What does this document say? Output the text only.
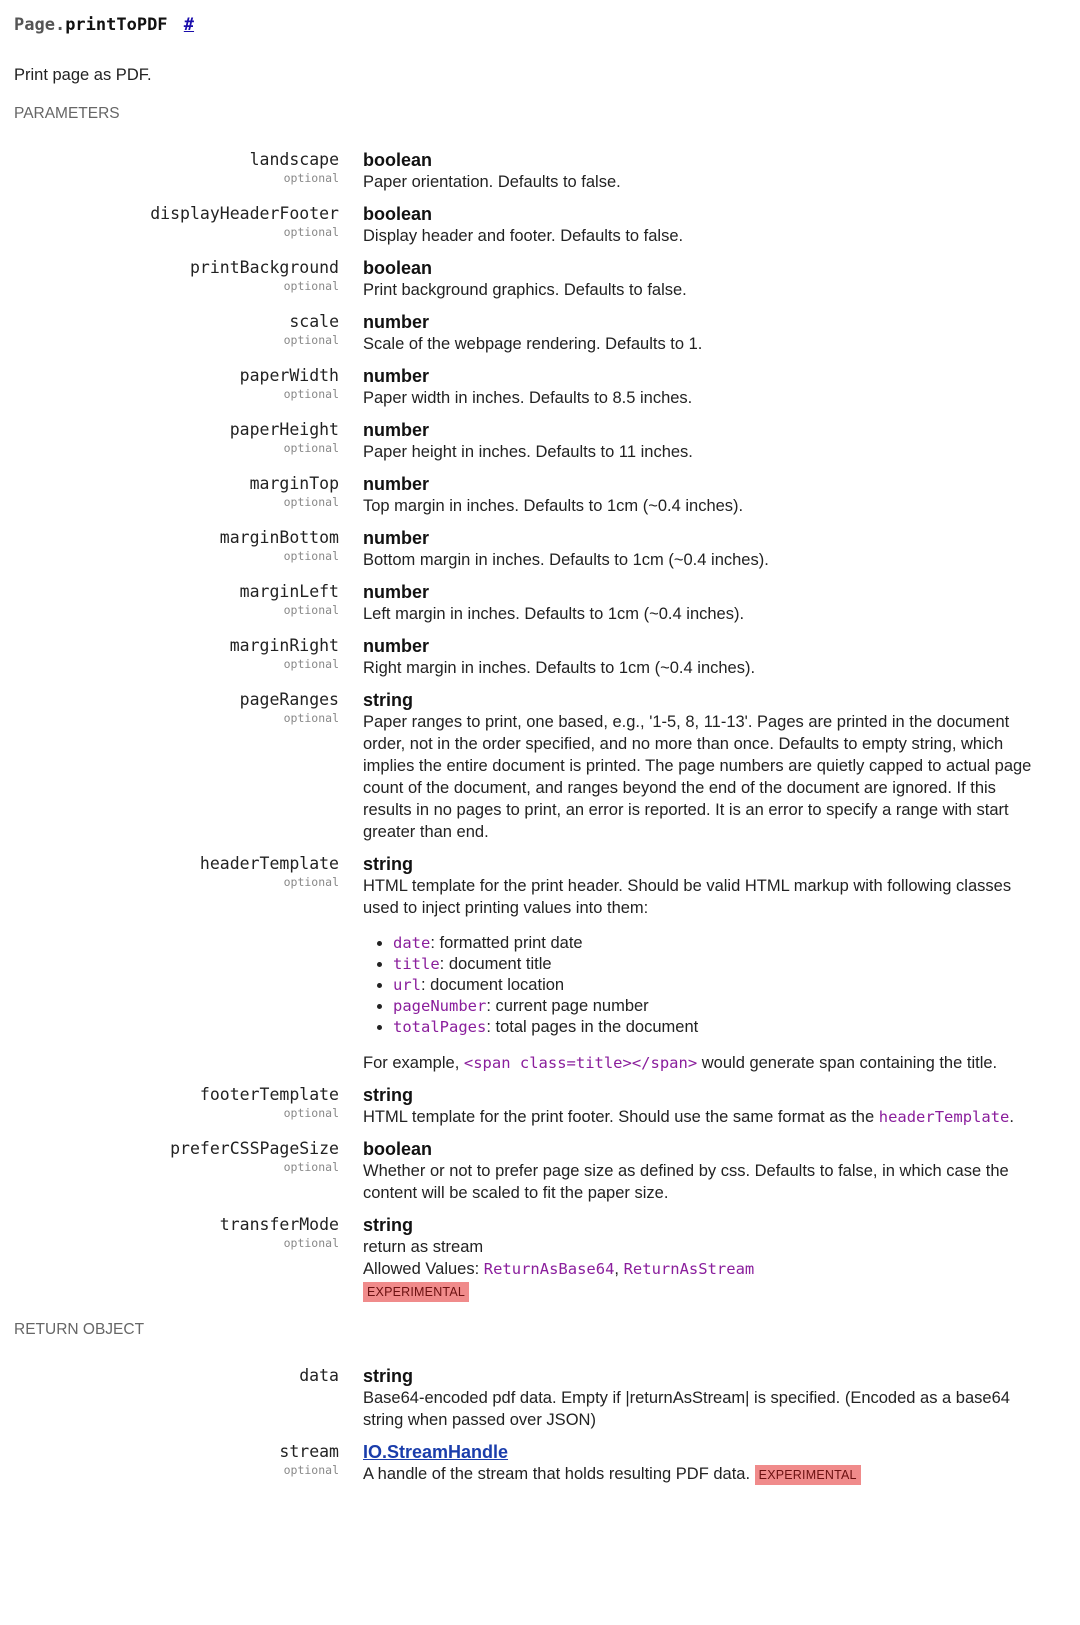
Page.printToPDF #

Print page as PDF.

PARAMETERS
landscape
optional
boolean
Paper orientation. Defaults to false.
displayHeaderFooter
optional
boolean
Display header and footer. Defaults to false.
printBackground
optional
boolean
Print background graphics. Defaults to false.
scale
optional
number
Scale of the webpage rendering. Defaults to 1.
paperWidth
optional
number
Paper width in inches. Defaults to 8.5 inches.
paperHeight
optional
number
Paper height in inches. Defaults to 11 inches.
marginTop
optional
number
Top margin in inches. Defaults to 1cm (~0.4 inches).
marginBottom
optional
number
Bottom margin in inches. Defaults to 1cm (~0.4 inches).
marginLeft
optional
number
Left margin in inches. Defaults to 1cm (~0.4 inches).
marginRight
optional
number
Right margin in inches. Defaults to 1cm (~0.4 inches).
pageRanges
optional
string
Paper ranges to print, one based, e.g., '1-5, 8, 11-13'. Pages are printed in the document order, not in the order specified, and no more than once. Defaults to empty string, which implies the entire document is printed. The page numbers are quietly capped to actual page count of the document, and ranges beyond the end of the document are ignored. If this results in no pages to print, an error is reported. It is an error to specify a range with start greater than end.
headerTemplate
optional
string
HTML template for the print header. Should be valid HTML markup with following classes used to inject printing values into them:
• date: formatted print date
• title: document title
• url: document location
• pageNumber: current page number
• totalPages: total pages in the document
For example, <span class=title></span> would generate span containing the title.
footerTemplate
optional
string
HTML template for the print footer. Should use the same format as the headerTemplate.
preferCSSPageSize
optional
boolean
Whether or not to prefer page size as defined by css. Defaults to false, in which case the content will be scaled to fit the paper size.
transferMode
optional
string
return as stream
Allowed Values: ReturnAsBase64, ReturnAsStream
EXPERIMENTAL
RETURN OBJECT
data string
Base64-encoded pdf data. Empty if |returnAsStream| is specified. (Encoded as a base64 string when passed over JSON)
stream
optional
IO.StreamHandle
A handle of the stream that holds resulting PDF data. EXPERIMENTAL
